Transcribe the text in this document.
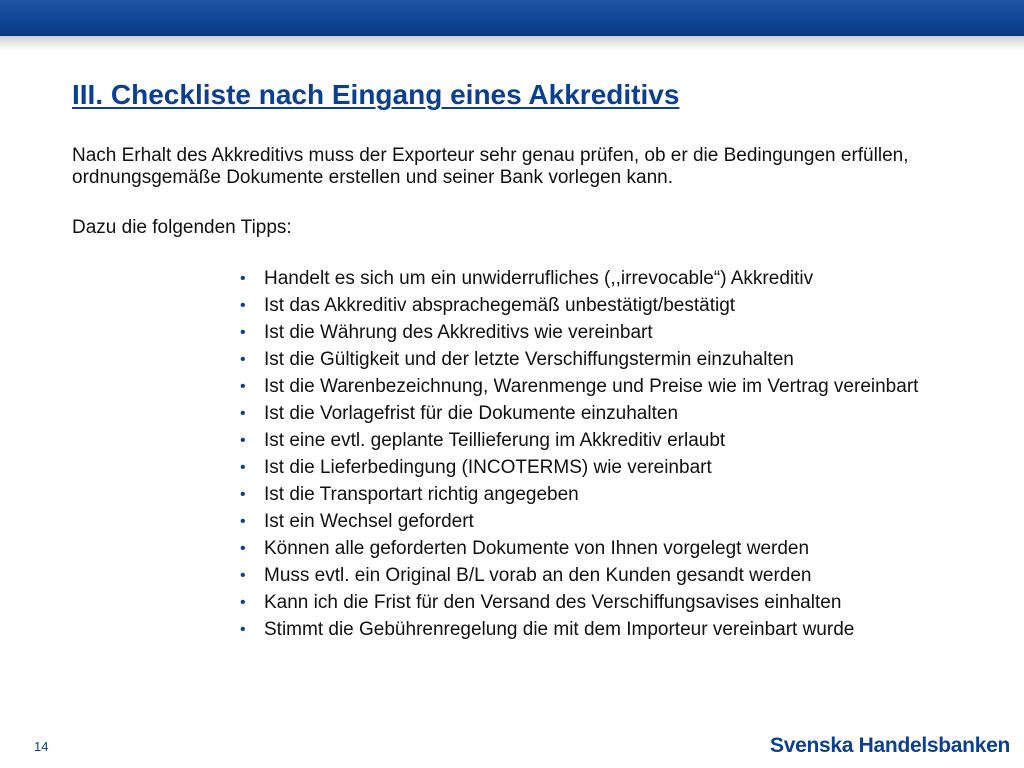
III. Checkliste nach Eingang eines Akkreditivs

Nach Erhalt des Akkreditivs muss der Exporteur sehr genau prüfen, ob er die Bedingungen erfüllen, ordnungsgemäße Dokumente erstellen und seiner Bank vorlegen kann.

Dazu die folgenden Tipps:

• Handelt es sich um ein unwiderrufliches (,,irrevocable“) Akkreditiv
• Ist das Akkreditiv absprachegemäß unbestätigt/bestätigt
• Ist die Währung des Akkreditivs wie vereinbart
• Ist die Gültigkeit und der letzte Verschiffungstermin einzuhalten
• Ist die Warenbezeichnung, Warenmenge und Preise wie im Vertrag vereinbart
• Ist die Vorlagefrist für die Dokumente einzuhalten
• Ist eine evtl. geplante Teillieferung im Akkreditiv erlaubt
• Ist die Lieferbedingung (INCOTERMS) wie vereinbart
• Ist die Transportart richtig angegeben
• Ist ein Wechsel gefordert
• Können alle geforderten Dokumente von Ihnen vorgelegt werden
• Muss evtl. ein Original B/L vorab an den Kunden gesandt werden
• Kann ich die Frist für den Versand des Verschiffungsavises einhalten
• Stimmt die Gebührenregelung die mit dem Importeur vereinbart wurde
14	Svenska Handelsbanken
